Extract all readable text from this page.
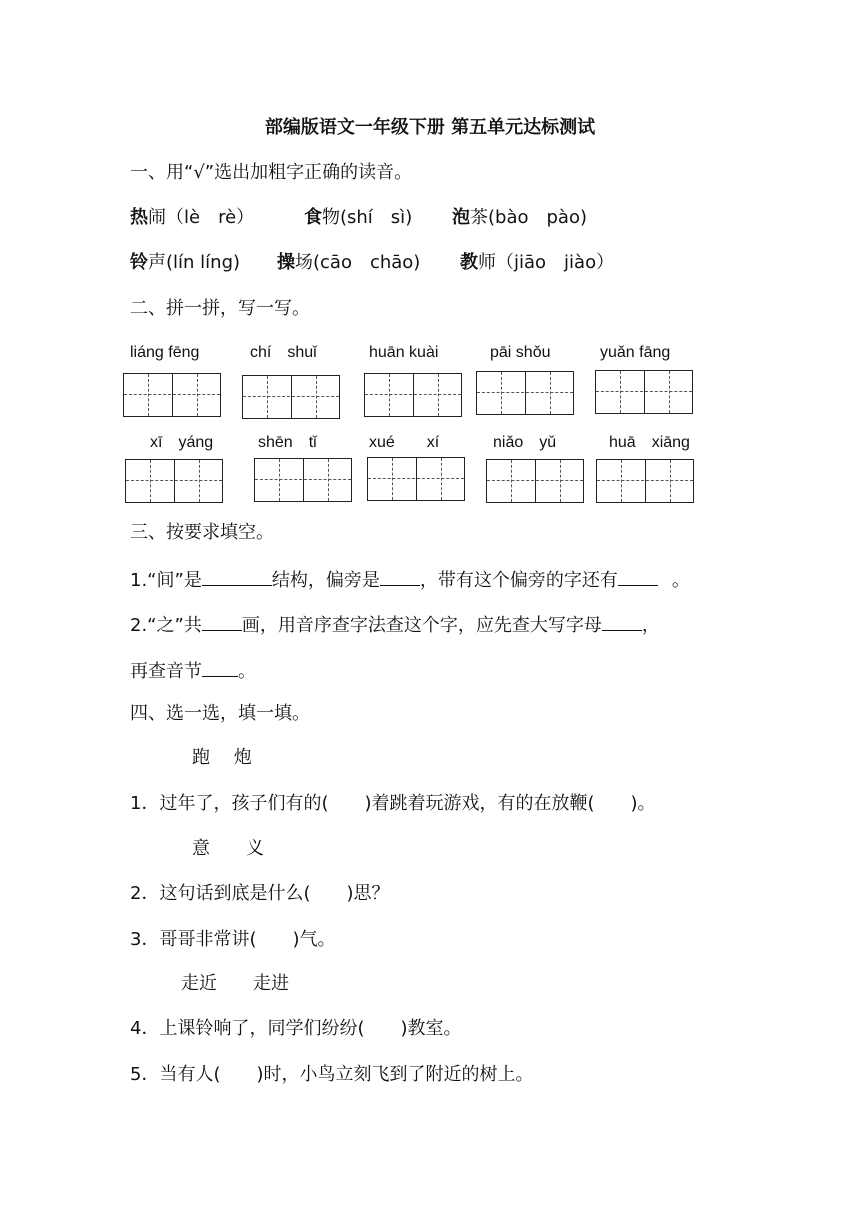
部编版语文一年级下册 第五单元达标测试
一、用“√”选出加粗字正确的读音。
热闹（lè　rè）	食物(shí　sì) 泡茶(bào　pào)
铃声(lín líng) 操场(cāo　chāo) 教师（jiāo　jiào）
二、拼一拼，写一写。
liáng fēng	chí　shuǐ	huān kuài	pāi shǒu	yuǎn fāng
xī　yáng	shēn　tǐ	xué　　xí	niǎo　yǔ	huā　xiāng
三、按要求填空。
1.“间”是	结构，偏旁是 ，带有这个偏旁的字还有	。
2.“之”共 画，用音序查字法查这个字，应先查大写字母 ，
再查音节 。
四、选一选，填一填。
跑　 炮
1．过年了，孩子们有的(　　)着跳着玩游戏，有的在放鞭(　　)。
意　　义
2．这句话到底是什么(　　)思？
3．哥哥非常讲(　　)气。
走近　　走进
4．上课铃响了，同学们纷纷(　　)教室。
5．当有人(　　)时，小鸟立刻飞到了附近的树上。
